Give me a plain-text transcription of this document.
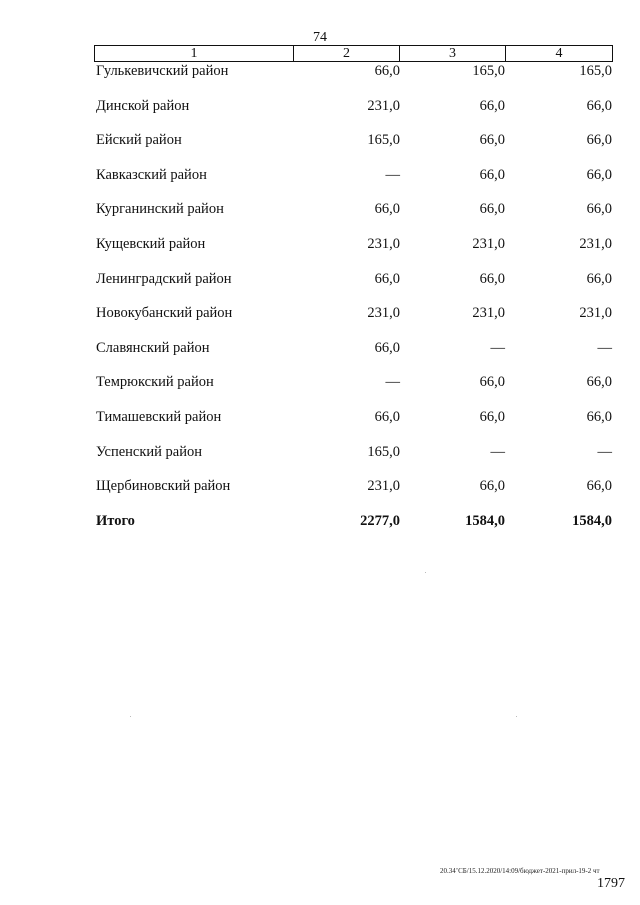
74
1	2	3	4
Гулькевичский район	66,0	165,0	165,0
Динской район	231,0	66,0	66,0
Ейский район	165,0	66,0	66,0
Кавказский район	—	66,0	66,0
Курганинский район	66,0	66,0	66,0
Кущевский район	231,0	231,0	231,0
Ленинградский район	66,0	66,0	66,0
Новокубанский район	231,0	231,0	231,0
Славянский район	66,0	—	—
Темрюкский район	—	66,0	66,0
Тимашевский район	66,0	66,0	66,0
Успенский район	165,0	—	—
Щербиновский район	231,0	66,0	66,0
Итого	2277,0	1584,0	1584,0
20.34’СБ/15.12.2020/14:09/бюджет-2021-прил-19-2 чт
1797
